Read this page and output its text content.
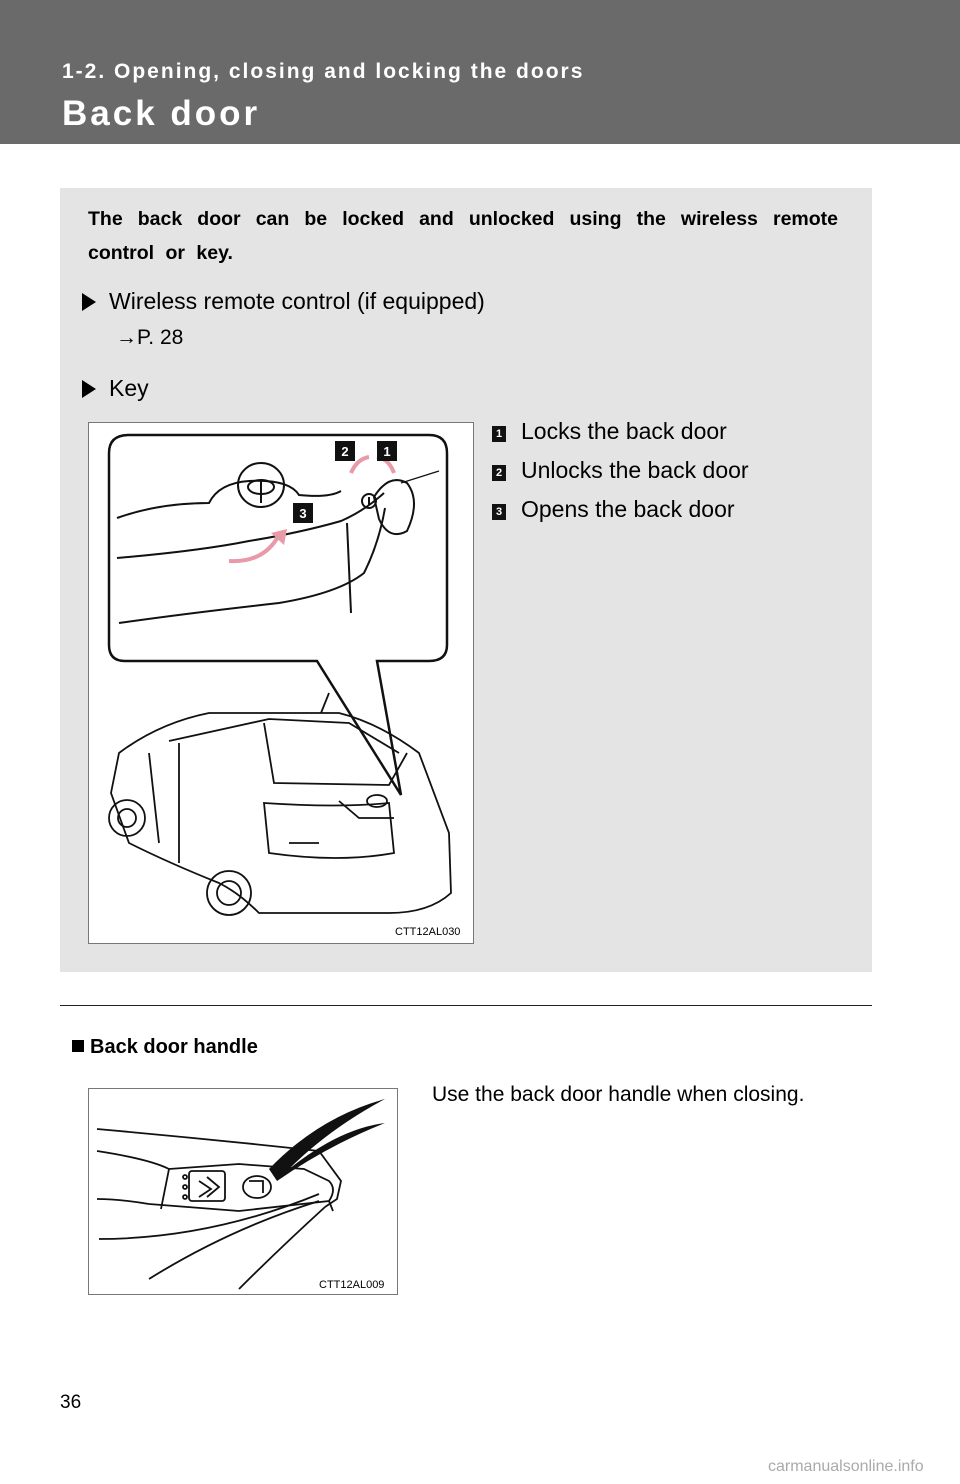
1-2. Opening, closing and locking the doors
Back door
The back door can be locked and unlocked using the wireless remote control or key.
Wireless remote control (if equipped)
→P. 28
Key
2	1
3
CTT12AL030
1 Locks the back door
2 Unlocks the back door
3 Opens the back door
Back door handle
CTT12AL009
Use the back door handle when closing.
36
carmanualsonline.info
